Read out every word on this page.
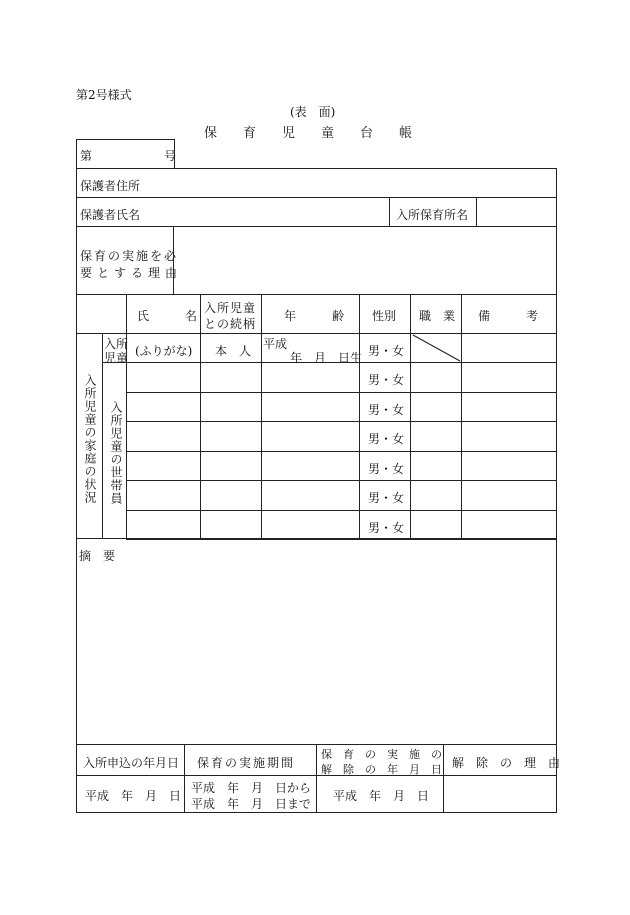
第2号様式
(表　面)
保　　育　　児　　童　　台　　帳
第　　　　　　号
保護者住所
保護者氏名	入所保育所名
保育の実施を必
要とする理由
氏　　　名
入所児童
との続柄
年　　　齢 性別 職　業 備　　　考
入所児童の家庭の状況
入所
児童
入所児童の世帯員
(ふりがな) 本　人 平成
年　月　日生 男・女
男・女
男・女
男・女
男・女
男・女
男・女
摘　要
入所申込の年月日 保育の実施期間
保　育　の　実　施　の
解　除　の　年　月　日 解　除　の　理　由
平成　年　月　日
平成　年　月　日から
平成　年　月　日まで
平成　年　月　日
